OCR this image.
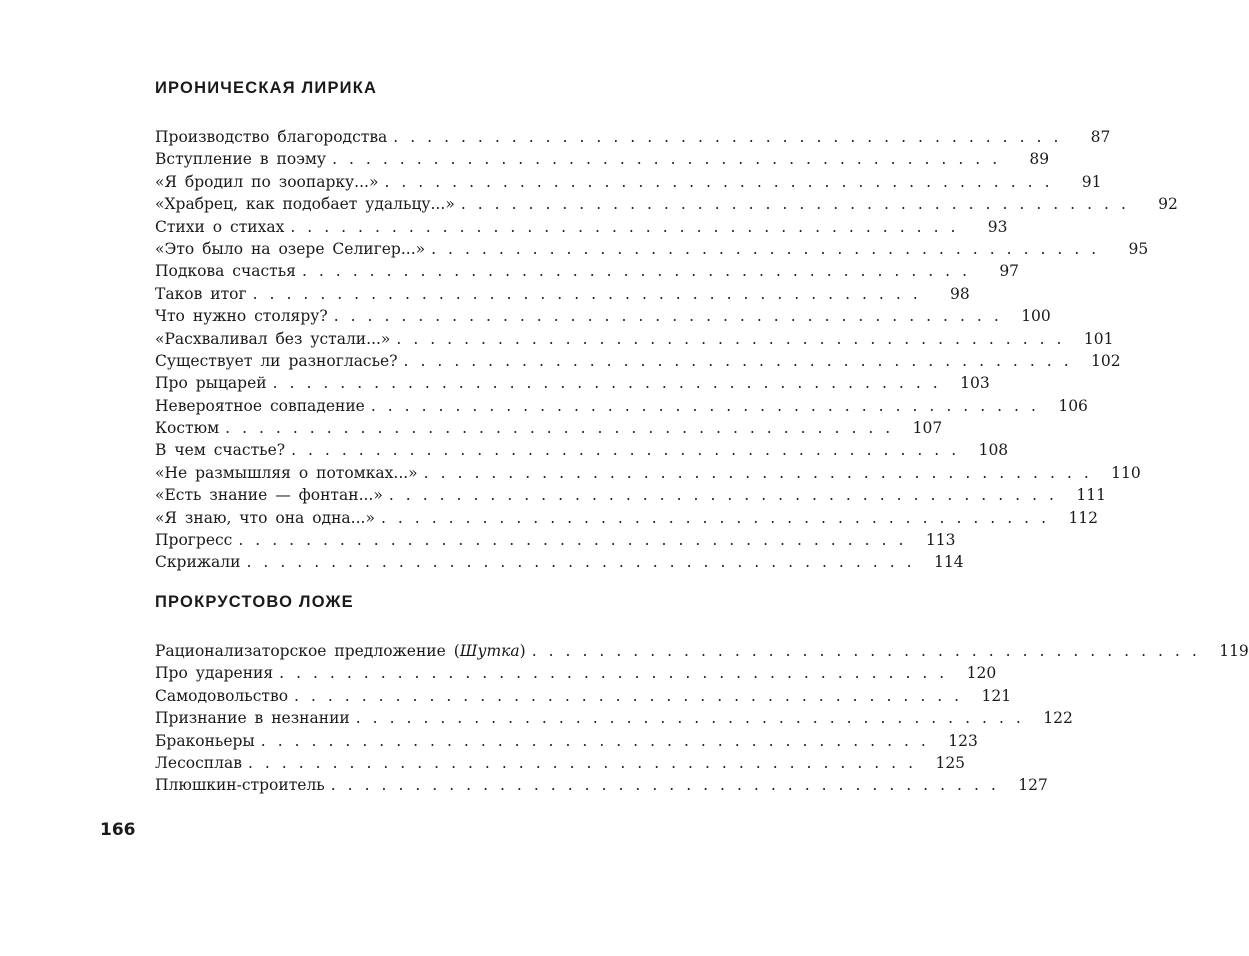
ИРОНИЧЕСКАЯ ЛИРИКА
Производство благородства ........................................	87
Вступление в поэму ........................................	89
«Я бродил по зоопарку...» ........................................	91
«Храбрец, как подобает удальцу...» ........................................	92
Стихи о стихах ........................................	93
«Это было на озере Селигер...» ........................................	95
Подкова счастья ........................................	97
Таков итог ........................................	98
Что нужно столяру? ........................................ 100
«Расхваливал без устали...» ........................................ 101
Существует ли разногласье? ........................................ 102
Про рыцарей ........................................ 103
Невероятное совпадение ........................................ 106
Костюм ........................................ 107
В чем счастье? ........................................ 108
«Не размышляя о потомках...» ........................................ 110
«Есть знание — фонтан...» ........................................ 111
«Я знаю, что она одна...» ........................................ 112
Прогресс ........................................ 113
Скрижали ........................................ 114
ПРОКРУСТОВО ЛОЖЕ
Рационализаторское предложение (Шутка) ........................................ 119
Про ударения ........................................ 120
Самодовольство ........................................ 121
Признание в незнании ........................................ 122
Браконьеры ........................................ 123
Лесосплав ........................................ 125
Плюшкин-строитель ........................................ 127
166
